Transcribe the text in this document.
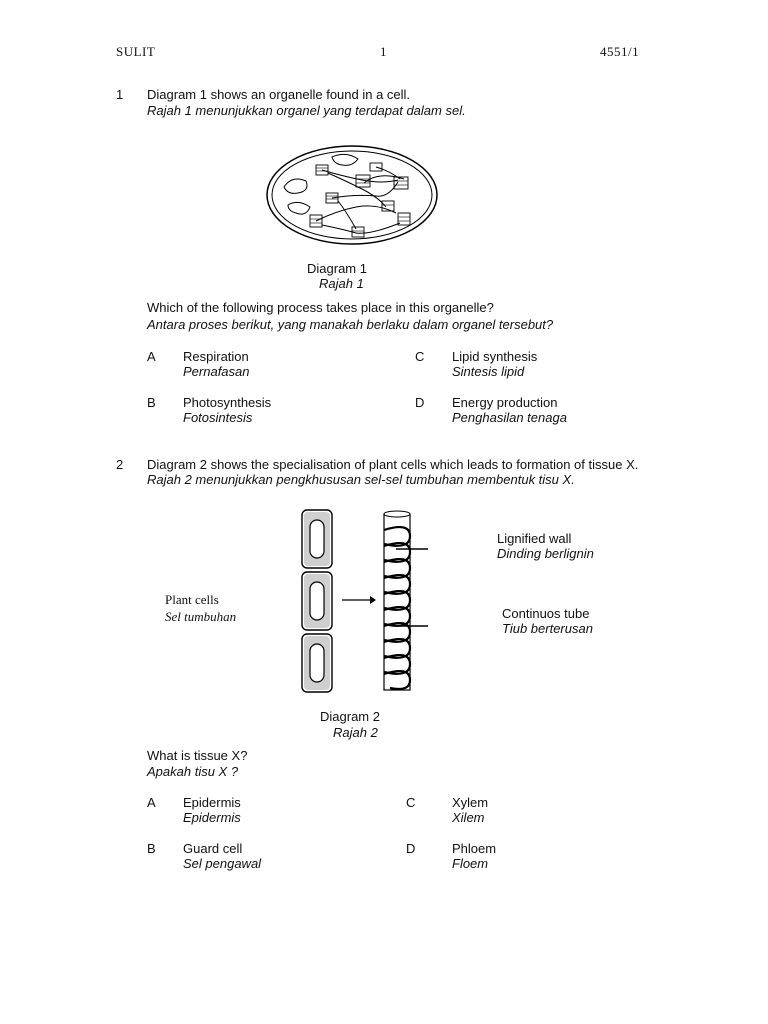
SULIT	1	4551/1
1 Diagram 1 shows an organelle found in a cell.
Rajah 1 menunjukkan organel yang terdapat dalam sel.
Diagram 1
Rajah 1
Which of the following process takes place in this organelle?
Antara proses berikut, yang manakah berlaku dalam organel tersebut?
A Respiration
Pernafasan
B Photosynthesis
Fotosintesis
C Lipid synthesis
Sintesis lipid
D Energy production
Penghasilan tenaga
2 Diagram 2 shows the specialisation of plant cells which leads to formation of tissue X.
Rajah 2 menunjukkan pengkhususan sel-sel tumbuhan membentuk tisu X.
Plant cells
Sel tumbuhan
Lignified wall
Dinding berlignin
Continuos tube
Tiub berterusan
Diagram 2
Rajah 2
What is tissue X?
Apakah tisu X ?
A Epidermis
Epidermis
B Guard cell
Sel pengawal
C	Xylem
Xilem
D	Phloem
Floem
